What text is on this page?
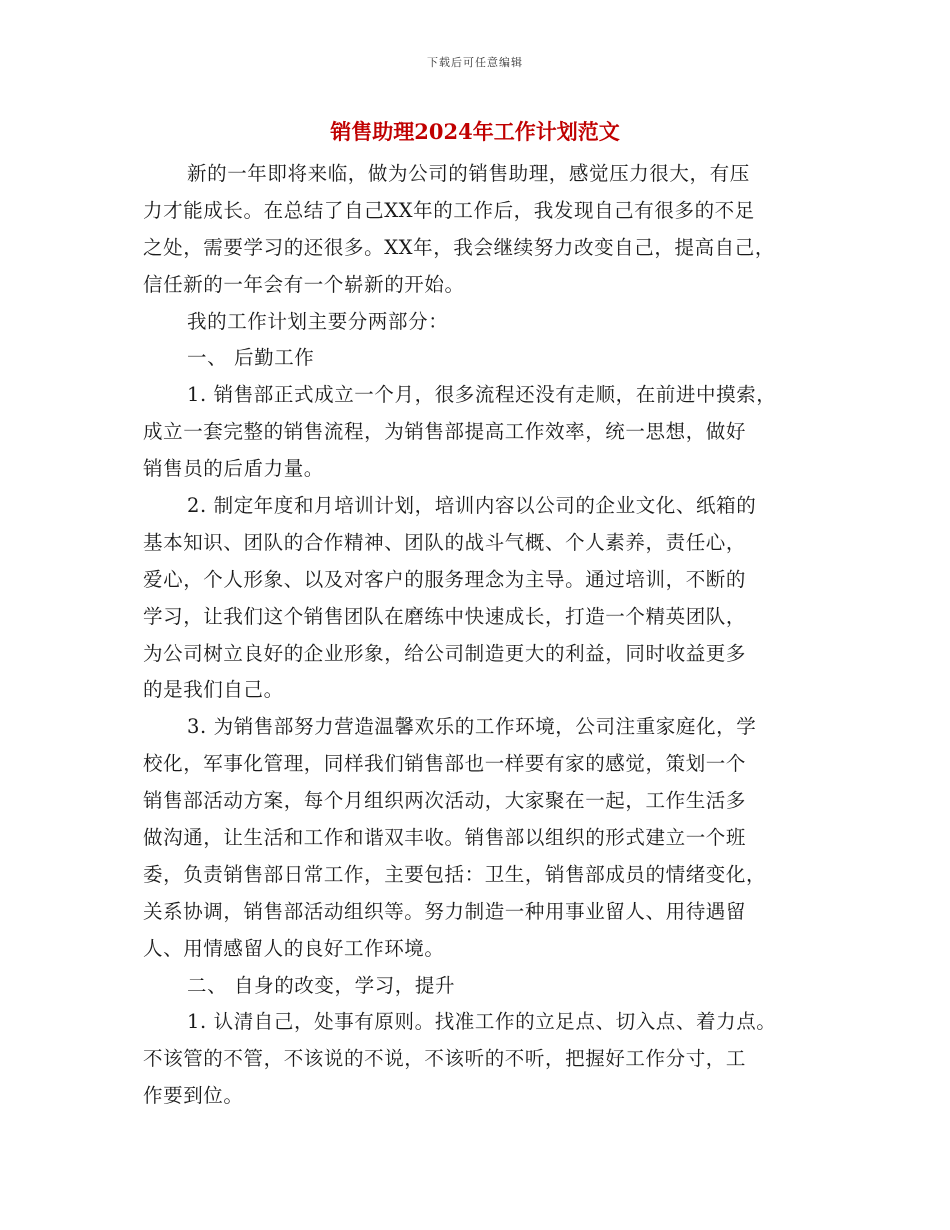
下载后可任意编辑
销售助理2024年工作计划范文
新的一年即将来临，做为公司的销售助理，感觉压力很大，有压
力才能成长。在总结了自己XX年的工作后，我发现自己有很多的不足
之处，需要学习的还很多。XX年，我会继续努力改变自己，提高自己，
信任新的一年会有一个崭新的开始。
我的工作计划主要分两部分：
一、 后勤工作
1. 销售部正式成立一个月，很多流程还没有走顺，在前进中摸索，
成立一套完整的销售流程，为销售部提高工作效率，统一思想，做好
销售员的后盾力量。
2. 制定年度和月培训计划，培训内容以公司的企业文化、纸箱的
基本知识、团队的合作精神、团队的战斗气概、个人素养，责任心，
爱心，个人形象、以及对客户的服务理念为主导。通过培训，不断的
学习，让我们这个销售团队在磨练中快速成长，打造一个精英团队，
为公司树立良好的企业形象，给公司制造更大的利益，同时收益更多
的是我们自己。
3. 为销售部努力营造温馨欢乐的工作环境，公司注重家庭化，学
校化，军事化管理，同样我们销售部也一样要有家的感觉，策划一个
销售部活动方案，每个月组织两次活动，大家聚在一起，工作生活多
做沟通，让生活和工作和谐双丰收。销售部以组织的形式建立一个班
委，负责销售部日常工作，主要包括：卫生，销售部成员的情绪变化，
关系协调，销售部活动组织等。努力制造一种用事业留人、用待遇留
人、用情感留人的良好工作环境。
二、 自身的改变，学习，提升
1. 认清自己，处事有原则。找准工作的立足点、切入点、着力点。
不该管的不管，不该说的不说，不该听的不听，把握好工作分寸，工
作要到位。
